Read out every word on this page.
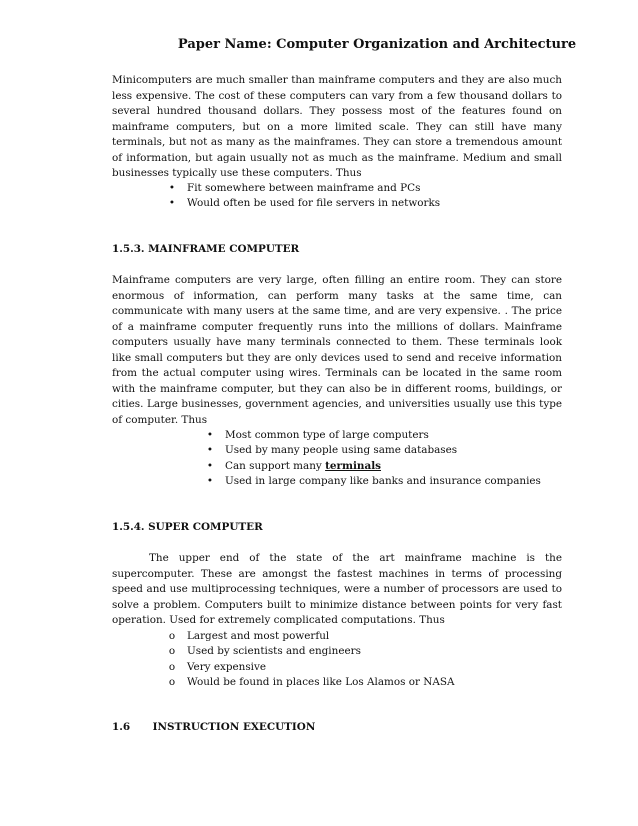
Paper Name: Computer Organization and Architecture

Minicomputers are much smaller than mainframe computers and they are also much less expensive. The cost of these computers can vary from a few thousand dollars to several hundred thousand dollars. They possess most of the features found on mainframe computers, but on a more limited scale. They can still have many terminals, but not as many as the mainframes. They can store a tremendous amount of information, but again usually not as much as the mainframe. Medium and small businesses typically use these computers. Thus

•	Fit somewhere between mainframe and PCs
•	Would often be used for file servers in networks

1.5.3. MAINFRAME COMPUTER

Mainframe computers are very large, often filling an entire room. They can store enormous of information, can perform many tasks at the same time, can communicate with many users at the same time, and are very expensive. . The price of a mainframe computer frequently runs into the millions of dollars. Mainframe computers usually have many terminals connected to them. These terminals look like small computers but they are only devices used to send and receive information from the actual computer using wires. Terminals can be located in the same room with the mainframe computer, but they can also be in different rooms, buildings, or cities. Large businesses, government agencies, and universities usually use this type of computer. Thus

•	Most common type of large computers
•	Used by many people using same databases
•	Can support many terminals
•	Used in large company like banks and insurance companies

1.5.4. SUPER COMPUTER

The upper end of the state of the art mainframe machine is the supercomputer. These are amongst the fastest machines in terms of processing speed and use multiprocessing techniques, were a number of processors are used to solve a problem. Computers built to minimize distance between points for very fast operation. Used for extremely complicated computations. Thus

o	Largest and most powerful
o	Used by scientists and engineers
o	Very expensive
o	Would be found in places like Los Alamos or NASA

1.6 INSTRUCTION EXECUTION
